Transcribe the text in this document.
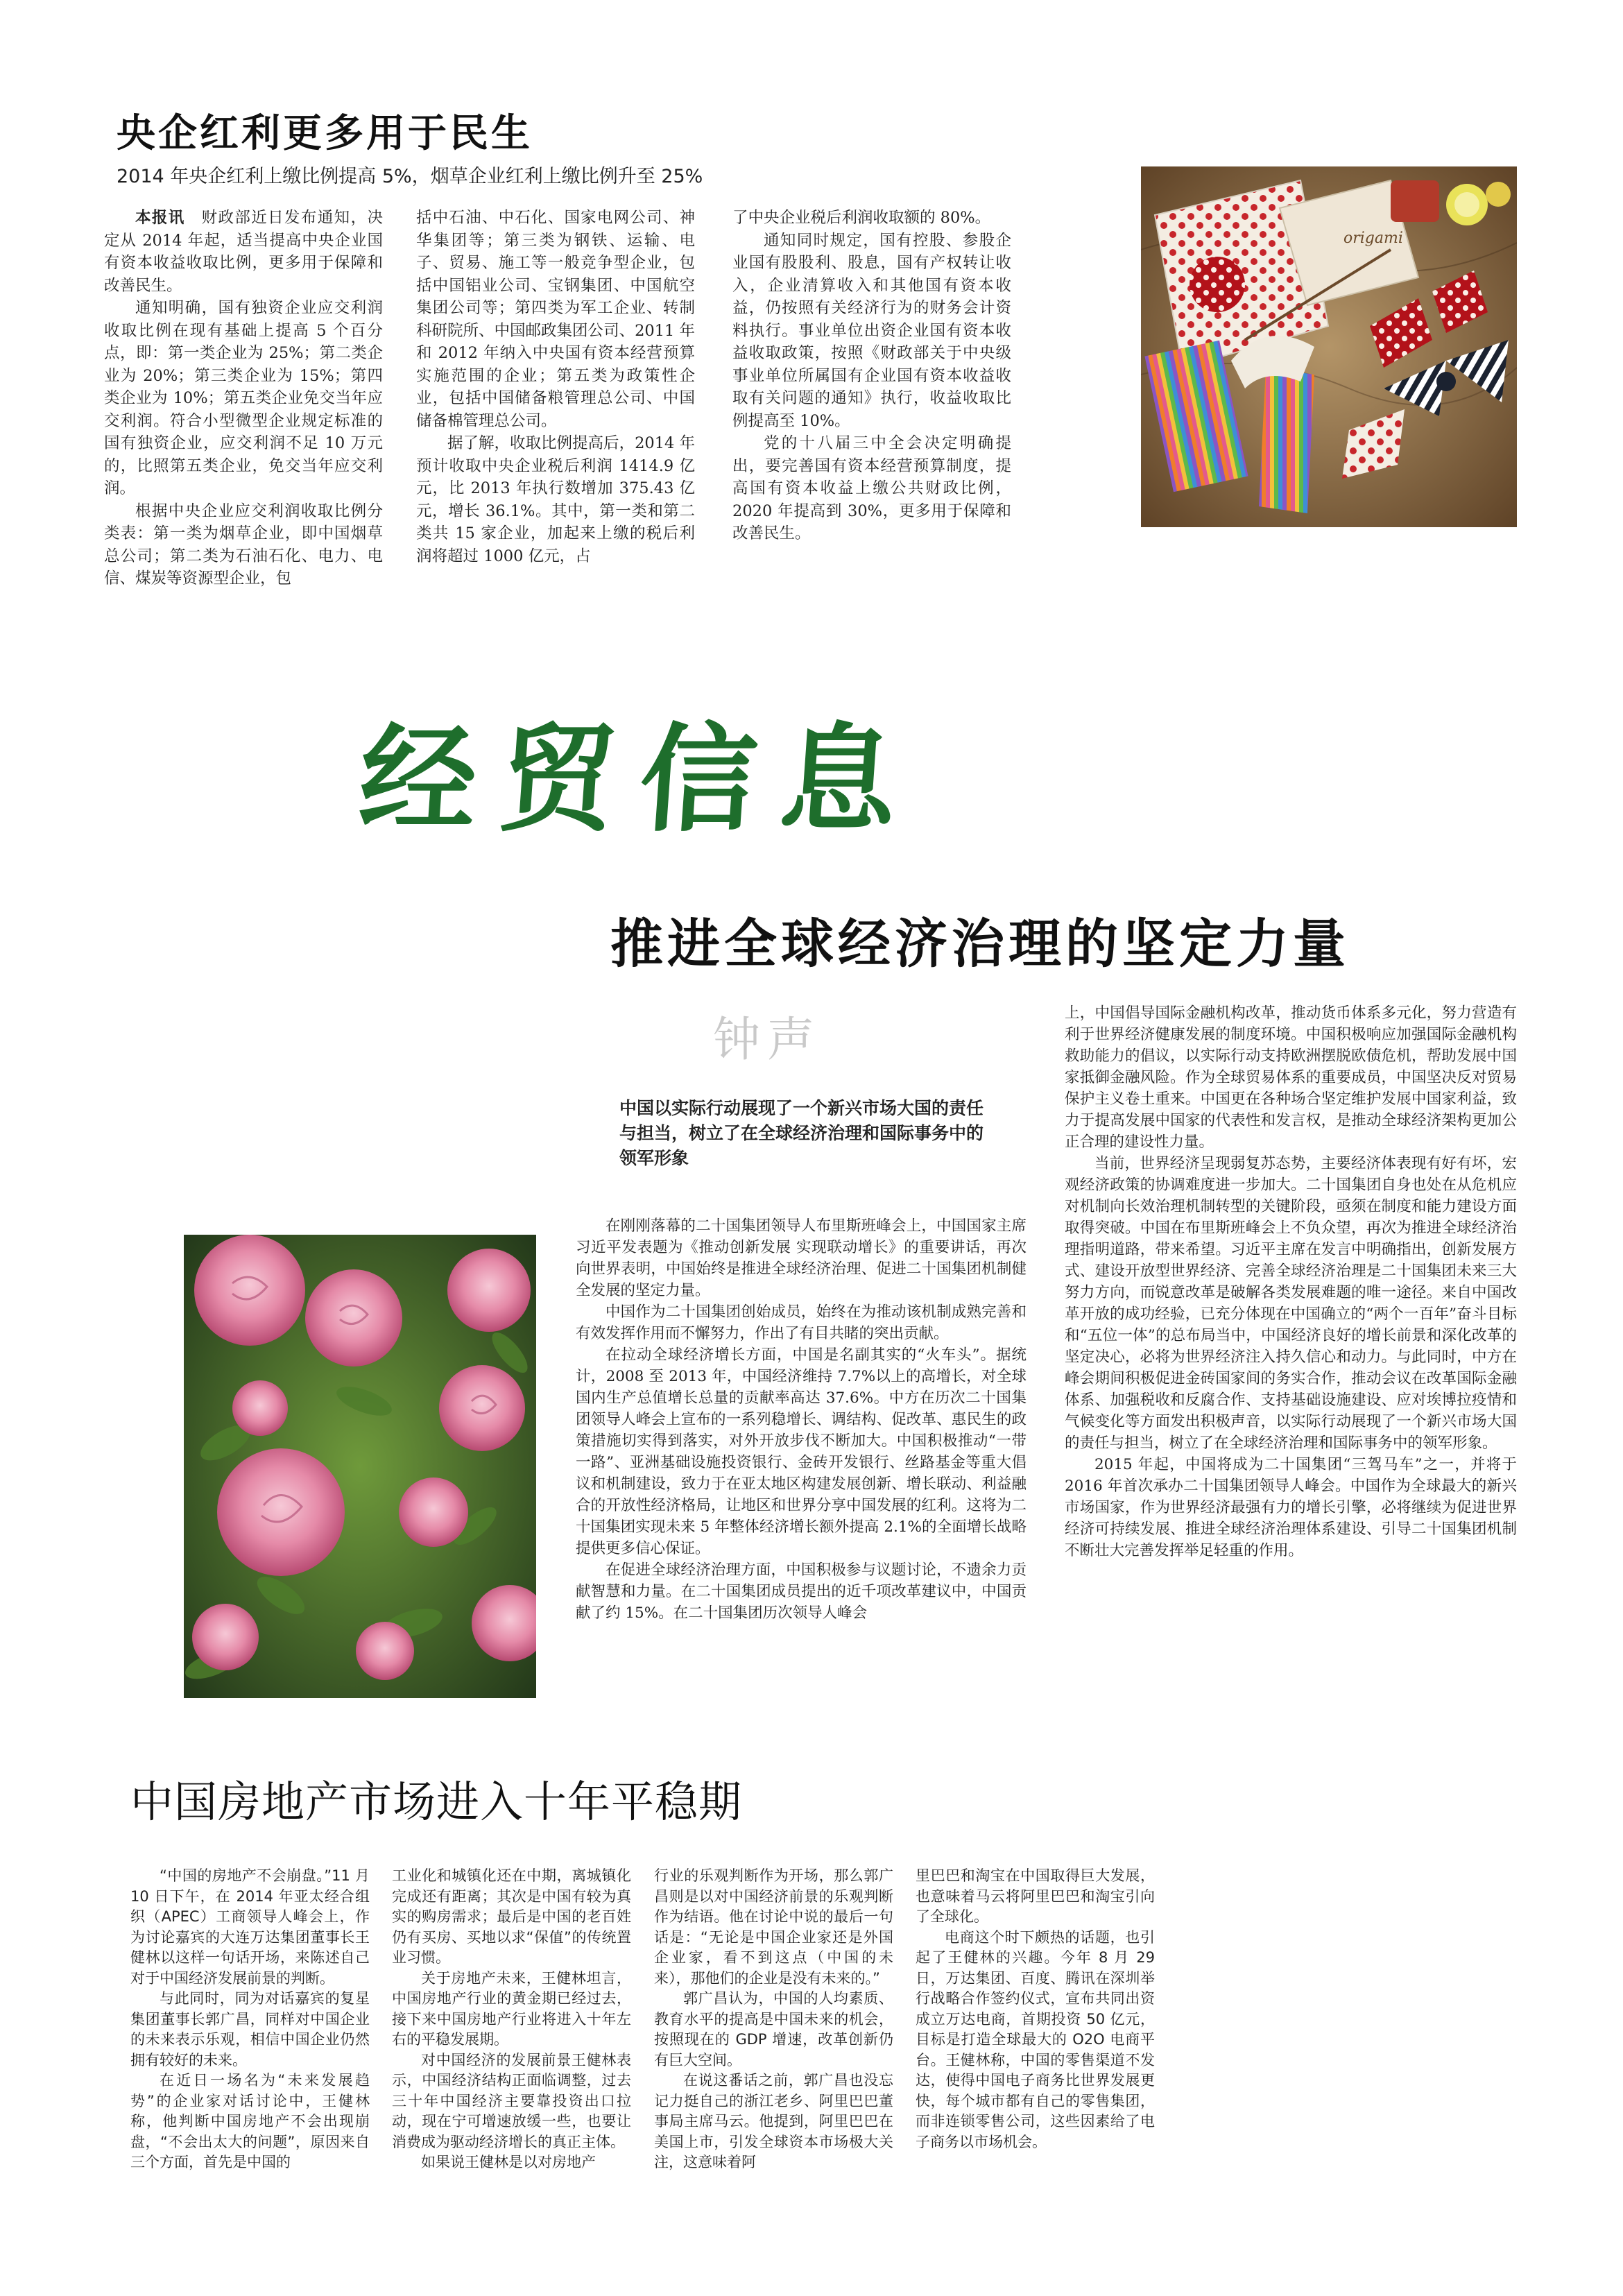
央企红利更多用于民生
2014 年央企红利上缴比例提高 5%，烟草企业红利上缴比例升至 25%

本报讯　 财政部近日发布通知，决定从 2014 年起，适当提高中央企业国有资本收益收取比例，更多用于保障和改善民生。

通知明确，国有独资企业应交利润收取比例在现有基础上提高 5 个百分点，即：第一类企业为 25%；第二类企业为 20%；第三类企业为 15%；第四类企业为 10%；第五类企业免交当年应交利润。符合小型微型企业规定标准的国有独资企业，应交利润不足 10 万元的，比照第五类企业，免交当年应交利润。

根据中央企业应交利润收取比例分类表：第一类为烟草企业，即中国烟草总公司；第二类为石油石化、电力、电信、煤炭等资源型企业，包

括中石油、中石化、国家电网公司、神华集团等；第三类为钢铁、运输、电子、贸易、施工等一般竞争型企业，包括中国铝业公司、宝钢集团、中国航空集团公司等；第四类为军工企业、转制科研院所、中国邮政集团公司、2011 年和 2012 年纳入中央国有资本经营预算实施范围的企业；第五类为政策性企业，包括中国储备粮管理总公司、中国储备棉管理总公司。

据了解，收取比例提高后，2014 年预计收取中央企业税后利润 1414.9 亿元，比 2013 年执行数增加 375.43 亿元，增长 36.1%。其中，第一类和第二类共 15 家企业，加起来上缴的税后利润将超过 1000 亿元，占

了中央企业税后利润收取额的 80%。

通知同时规定，国有控股、参股企业国有股股利、股息，国有产权转让收入，企业清算收入和其他国有资本收益，仍按照有关经济行为的财务会计资料执行。事业单位出资企业国有资本收益收取政策，按照《财政部关于中央级事业单位所属国有企业国有资本收益收取有关问题的通知》执行，收益收取比例提高至 10%。

党的十八届三中全会决定明确提出，要完善国有资本经营预算制度，提高国有资本收益上缴公共财政比例，2020 年提高到 30%，更多用于保障和改善民生。

origami
经贸信息
推进全球经济治理的坚定力量
钟声
中国以实际行动展现了一个新兴市场大国的责任与担当，树立了在全球经济治理和国际事务中的领军形象

在刚刚落幕的二十国集团领导人布里斯班峰会上，中国国家主席习近平发表题为《推动创新发展 实现联动增长》的重要讲话，再次向世界表明，中国始终是推进全球经济治理、促进二十国集团机制健全发展的坚定力量。

中国作为二十国集团创始成员，始终在为推动该机制成熟完善和有效发挥作用而不懈努力，作出了有目共睹的突出贡献。

在拉动全球经济增长方面，中国是名副其实的“火车头”。据统计，2008 至 2013 年，中国经济维持 7.7%以上的高增长，对全球国内生产总值增长总量的贡献率高达 37.6%。中方在历次二十国集团领导人峰会上宣布的一系列稳增长、调结构、促改革、惠民生的政策措施切实得到落实，对外开放步伐不断加大。中国积极推动“一带一路”、亚洲基础设施投资银行、金砖开发银行、丝路基金等重大倡议和机制建设，致力于在亚太地区构建发展创新、增长联动、利益融合的开放性经济格局，让地区和世界分享中国发展的红利。这将为二十国集团实现未来 5 年整体经济增长额外提高 2.1%的全面增长战略提供更多信心保证。

在促进全球经济治理方面，中国积极参与议题讨论，不遗余力贡献智慧和力量。在二十国集团成员提出的近千项改革建议中，中国贡献了约 15%。在二十国集团历次领导人峰会

上，中国倡导国际金融机构改革，推动货币体系多元化，努力营造有利于世界经济健康发展的制度环境。中国积极响应加强国际金融机构救助能力的倡议，以实际行动支持欧洲摆脱欧债危机，帮助发展中国家抵御金融风险。作为全球贸易体系的重要成员，中国坚决反对贸易保护主义卷土重来。中国更在各种场合坚定维护发展中国家利益，致力于提高发展中国家的代表性和发言权，是推动全球经济架构更加公正合理的建设性力量。

当前，世界经济呈现弱复苏态势，主要经济体表现有好有坏，宏观经济政策的协调难度进一步加大。二十国集团自身也处在从危机应对机制向长效治理机制转型的关键阶段，亟须在制度和能力建设方面取得突破。中国在布里斯班峰会上不负众望，再次为推进全球经济治理指明道路，带来希望。习近平主席在发言中明确指出，创新发展方式、建设开放型世界经济、完善全球经济治理是二十国集团未来三大努力方向，而锐意改革是破解各类发展难题的唯一途径。来自中国改革开放的成功经验，已充分体现在中国确立的“两个一百年”奋斗目标和“五位一体”的总布局当中，中国经济良好的增长前景和深化改革的坚定决心，必将为世界经济注入持久信心和动力。与此同时，中方在峰会期间积极促进金砖国家间的务实合作，推动会议在改革国际金融体系、加强税收和反腐合作、支持基础设施建设、应对埃博拉疫情和气候变化等方面发出积极声音，以实际行动展现了一个新兴市场大国的责任与担当，树立了在全球经济治理和国际事务中的领军形象。

2015 年起，中国将成为二十国集团“三驾马车”之一，并将于 2016 年首次承办二十国集团领导人峰会。中国作为全球最大的新兴市场国家，作为世界经济最强有力的增长引擎，必将继续为促进世界经济可持续发展、推进全球经济治理体系建设、引导二十国集团机制不断壮大完善发挥举足轻重的作用。

中国房地产市场进入十年平稳期

“中国的房地产不会崩盘。”11 月 10 日下午，在 2014 年亚太经合组织（APEC）工商领导人峰会上，作为讨论嘉宾的大连万达集团董事长王健林以这样一句话开场，来陈述自己对于中国经济发展前景的判断。

与此同时，同为对话嘉宾的复星集团董事长郭广昌，同样对中国企业的未来表示乐观，相信中国企业仍然拥有较好的未来。

在近日一场名为“未来发展趋势”的企业家对话讨论中，王健林称，他判断中国房地产不会出现崩盘，“不会出太大的问题”，原因来自三个方面，首先是中国的

工业化和城镇化还在中期，离城镇化完成还有距离；其次是中国有较为真实的购房需求；最后是中国的老百姓仍有买房、买地以求“保值”的传统置业习惯。

关于房地产未来，王健林坦言，中国房地产行业的黄金期已经过去，接下来中国房地产行业将进入十年左右的平稳发展期。

对中国经济的发展前景王健林表示，中国经济结构正面临调整，过去三十年中国经济主要靠投资出口拉动，现在宁可增速放缓一些，也要让消费成为驱动经济增长的真正主体。

如果说王健林是以对房地产

行业的乐观判断作为开场，那么郭广昌则是以对中国经济前景的乐观判断作为结语。他在讨论中说的最后一句话是：“无论是中国企业家还是外国企业家，看不到这点（中国的未来），那他们的企业是没有未来的。”

郭广昌认为，中国的人均素质、教育水平的提高是中国未来的机会，按照现在的 GDP 增速，改革创新仍有巨大空间。

在说这番话之前，郭广昌也没忘记力挺自己的浙江老乡、阿里巴巴董事局主席马云。他提到，阿里巴巴在美国上市，引发全球资本市场极大关注，这意味着阿

里巴巴和淘宝在中国取得巨大发展，也意味着马云将阿里巴巴和淘宝引向了全球化。

电商这个时下颇热的话题，也引起了王健林的兴趣。今年 8 月 29 日，万达集团、百度、腾讯在深圳举行战略合作签约仪式，宣布共同出资成立万达电商，首期投资 50 亿元，目标是打造全球最大的 O2O 电商平台。王健林称，中国的零售渠道不发达，使得中国电子商务比世界发展更快，每个城市都有自己的零售集团，而非连锁零售公司，这些因素给了电子商务以市场机会。
